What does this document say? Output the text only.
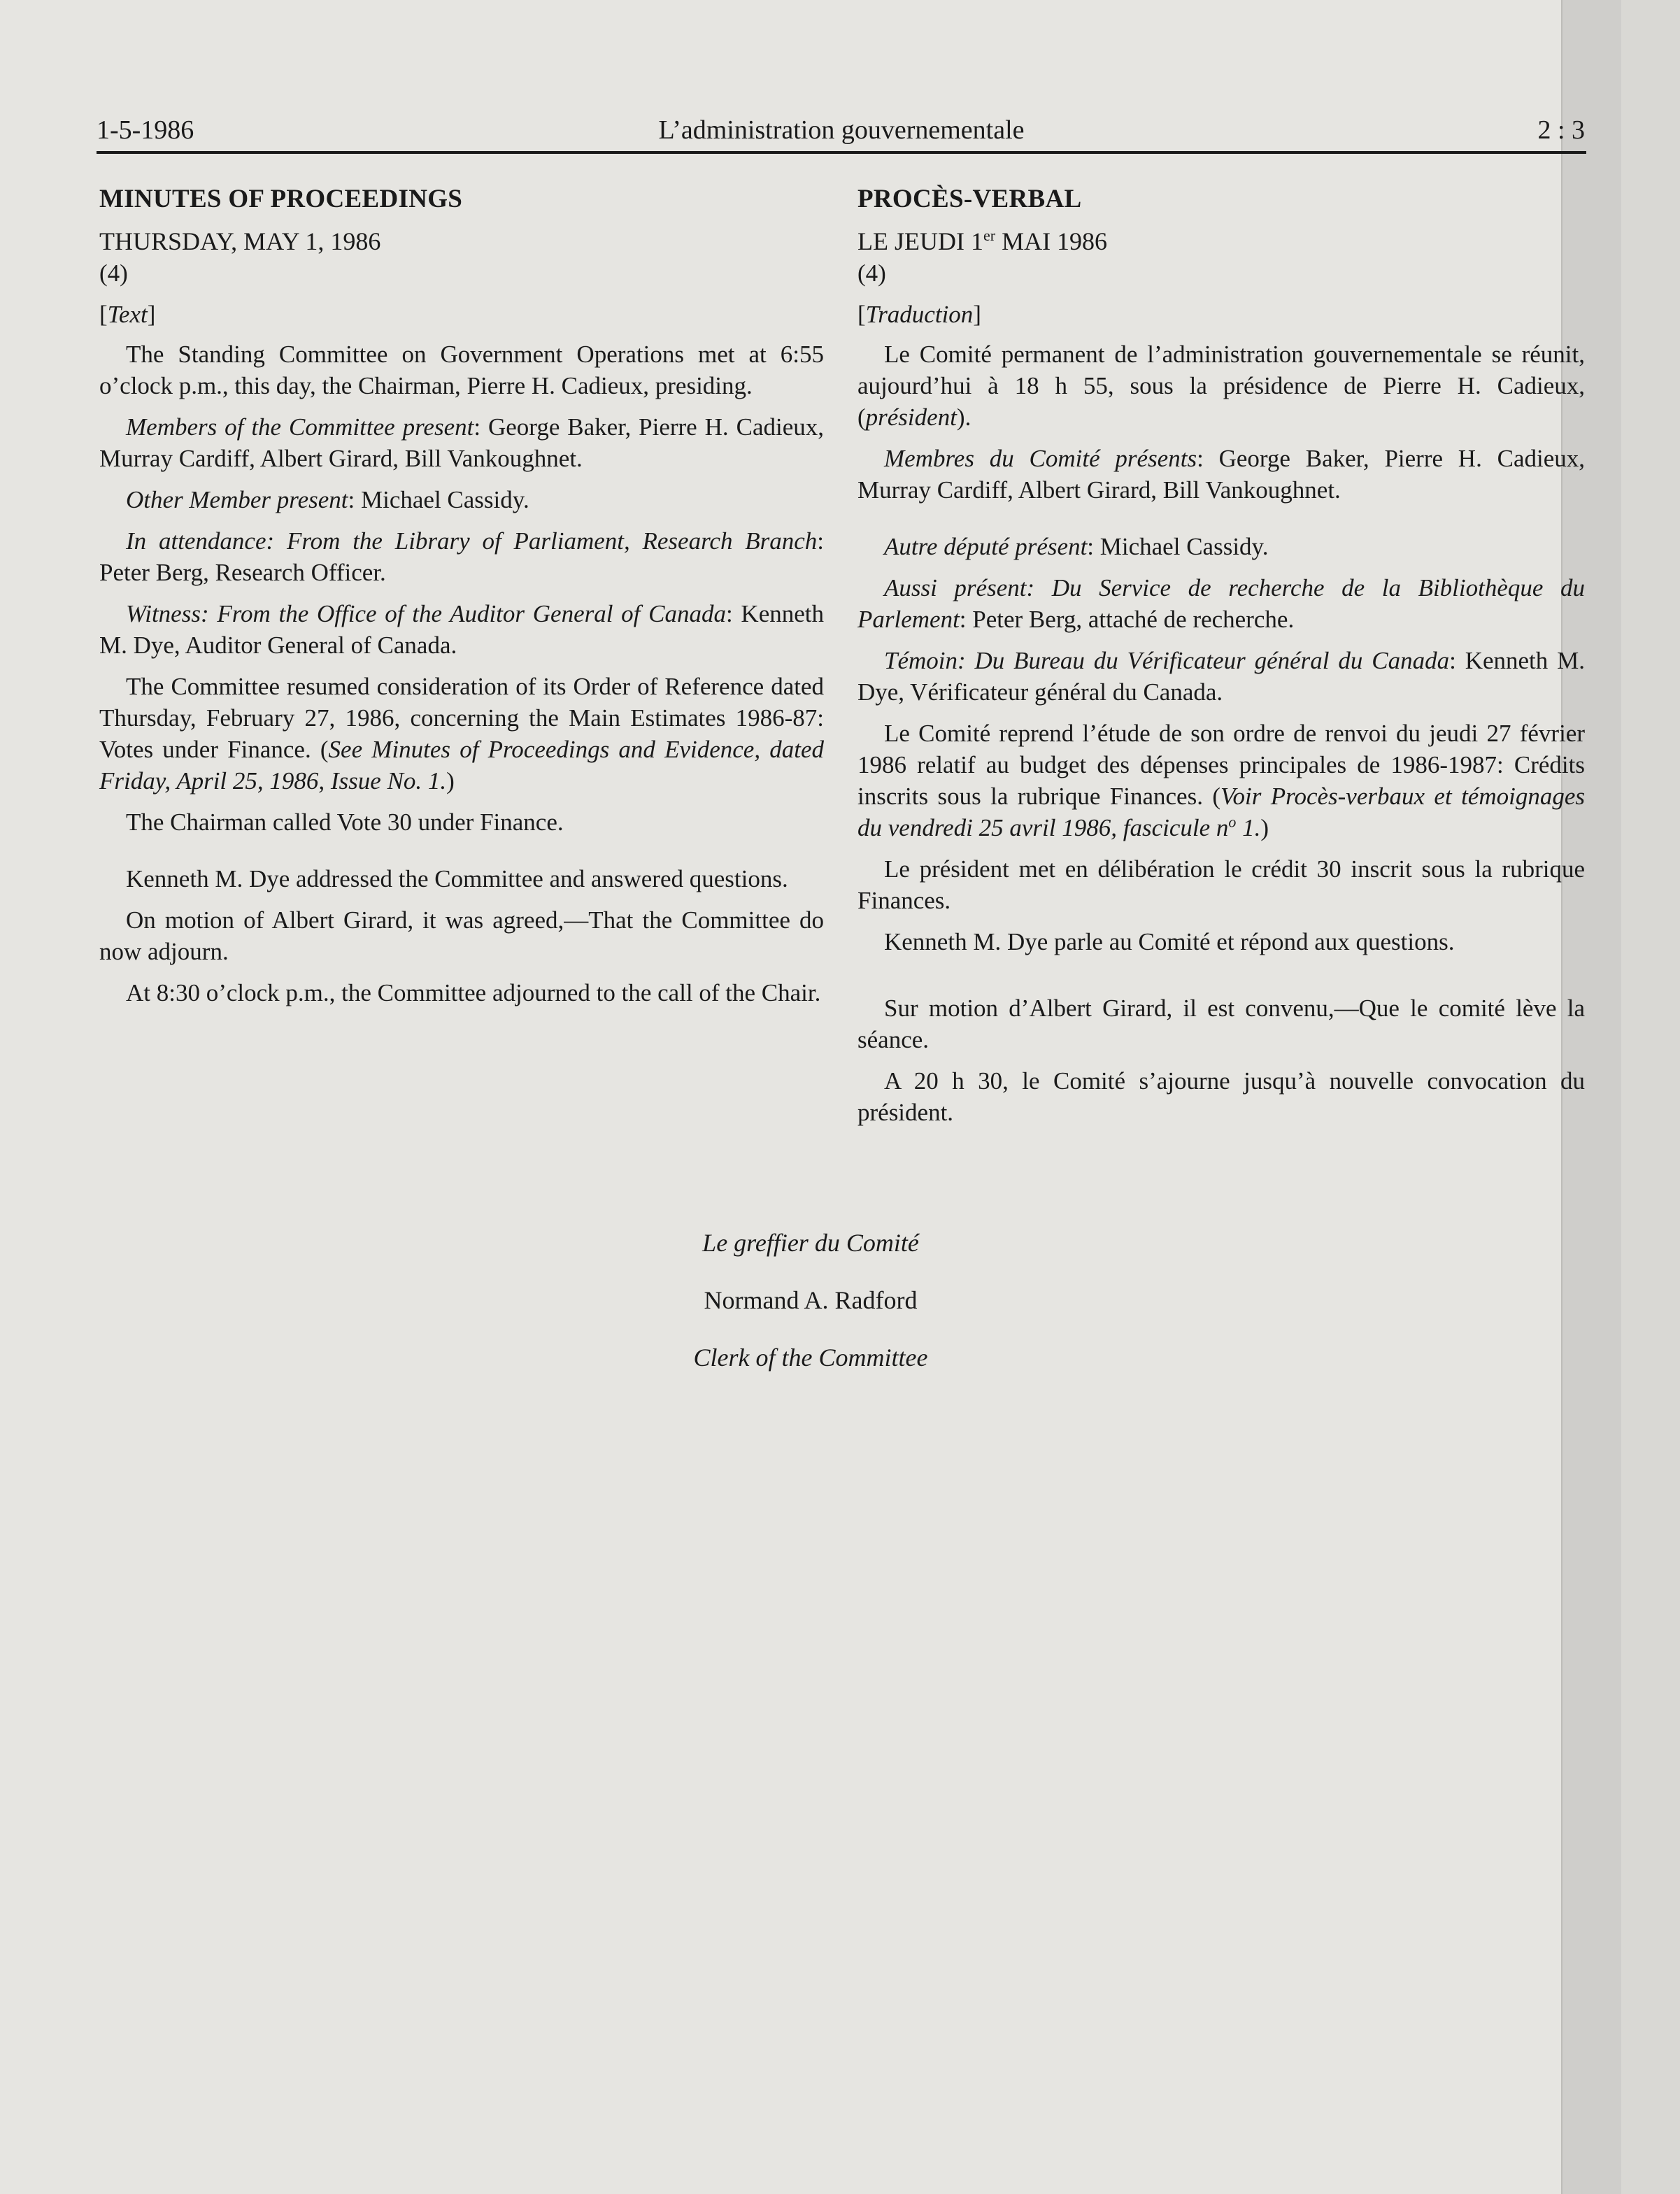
1-5-1986	L’administration gouvernementale	2 : 3
MINUTES OF PROCEEDINGS

THURSDAY, MAY 1, 1986

(4)

[Text]

The Standing Committee on Government Operations met at 6:55 o’clock p.m., this day, the Chairman, Pierre H. Cadieux, presiding.

Members of the Committee present: George Baker, Pierre H. Cadieux, Murray Cardiff, Albert Girard, Bill Vankoughnet.

Other Member present: Michael Cassidy.

In attendance: From the Library of Parliament, Research Branch: Peter Berg, Research Officer.

Witness: From the Office of the Auditor General of Canada: Kenneth M. Dye, Auditor General of Canada.

The Committee resumed consideration of its Order of Reference dated Thursday, February 27, 1986, concerning the Main Estimates 1986-87: Votes under Finance. (See Minutes of Proceedings and Evidence, dated Friday, April 25, 1986, Issue No. 1.)

The Chairman called Vote 30 under Finance.

Kenneth M. Dye addressed the Committee and answered questions.

On motion of Albert Girard, it was agreed,—That the Committee do now adjourn.

At 8:30 o’clock p.m., the Committee adjourned to the call of the Chair.

PROCÈS-VERBAL

LE JEUDI 1er MAI 1986

(4)

[Traduction]

Le Comité permanent de l’administration gouvernementale se réunit, aujourd’hui à 18 h 55, sous la présidence de Pierre H. Cadieux, (président).

Membres du Comité présents: George Baker, Pierre H. Cadieux, Murray Cardiff, Albert Girard, Bill Vankoughnet.

Autre député présent: Michael Cassidy.

Aussi présent: Du Service de recherche de la Bibliothèque du Parlement: Peter Berg, attaché de recherche.

Témoin: Du Bureau du Vérificateur général du Canada: Kenneth M. Dye, Vérificateur général du Canada.

Le Comité reprend l’étude de son ordre de renvoi du jeudi 27 février 1986 relatif au budget des dépenses principales de 1986-1987: Crédits inscrits sous la rubrique Finances. (Voir Procès-verbaux et témoignages du vendredi 25 avril 1986, fascicule $n^o$ 1.)

Le président met en délibération le crédit 30 inscrit sous la rubrique Finances.

Kenneth M. Dye parle au Comité et répond aux questions.

Sur motion d’Albert Girard, il est convenu,—Que le comité lève la séance.

A 20 h 30, le Comité s’ajourne jusqu’à nouvelle convocation du président.

Le greffier du Comité
Normand A. Radford
Clerk of the Committee
